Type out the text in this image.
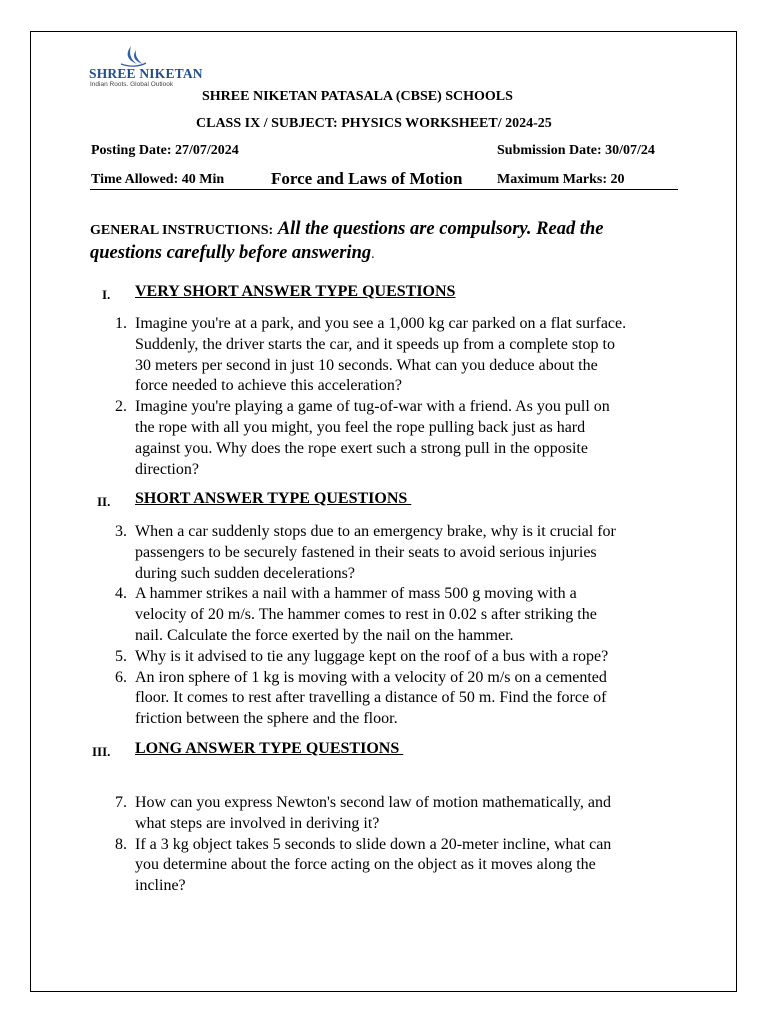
SHREE NIKETAN
Indian Roots. Global Outlook
SHREE NIKETAN PATASALA (CBSE) SCHOOLS
CLASS IX / SUBJECT: PHYSICS WORKSHEET/ 2024-25
Posting Date: 27/07/2024	Submission Date: 30/07/24
Time Allowed: 40 Min	Force and Laws of Motion Maximum Marks: 20
GENERAL INSTRUCTIONS: All the questions are compulsory. Read the questions carefully before answering.
I. VERY SHORT ANSWER TYPE QUESTIONS
1. Imagine you're at a park, and you see a 1,000 kg car parked on a flat surface.
Suddenly, the driver starts the car, and it speeds up from a complete stop to
30 meters per second in just 10 seconds. What can you deduce about the
force needed to achieve this acceleration?
2. Imagine you're playing a game of tug-of-war with a friend. As you pull on
the rope with all you might, you feel the rope pulling back just as hard
against you. Why does the rope exert such a strong pull in the opposite
direction?
II. SHORT ANSWER TYPE QUESTIONS
3. When a car suddenly stops due to an emergency brake, why is it crucial for
passengers to be securely fastened in their seats to avoid serious injuries
during such sudden decelerations?
4. A hammer strikes a nail with a hammer of mass 500 g moving with a
velocity of 20 m/s. The hammer comes to rest in 0.02 s after striking the
nail. Calculate the force exerted by the nail on the hammer.
5. Why is it advised to tie any luggage kept on the roof of a bus with a rope?
6. An iron sphere of 1 kg is moving with a velocity of 20 m/s on a cemented
floor. It comes to rest after travelling a distance of 50 m. Find the force of
friction between the sphere and the floor.
III. LONG ANSWER TYPE QUESTIONS
7. How can you express Newton's second law of motion mathematically, and
what steps are involved in deriving it?
8. If a 3 kg object takes 5 seconds to slide down a 20-meter incline, what can
you determine about the force acting on the object as it moves along the
incline?
